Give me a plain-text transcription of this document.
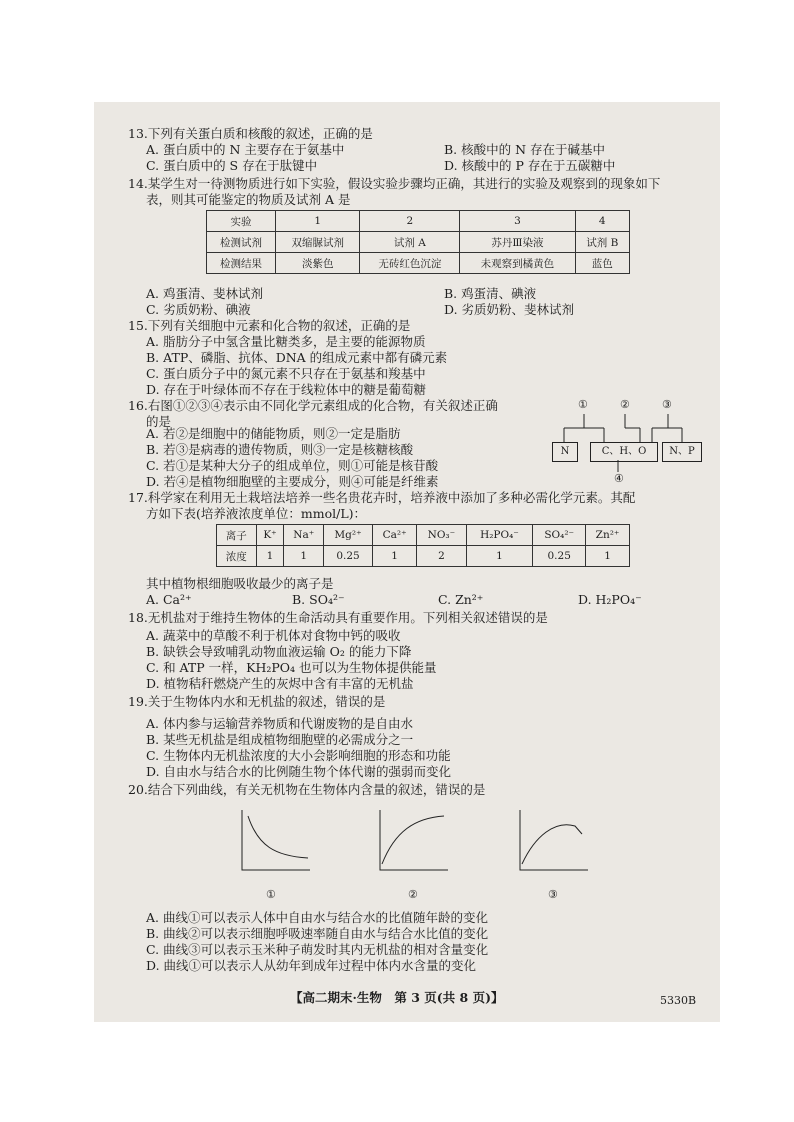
13.下列有关蛋白质和核酸的叙述，正确的是
A. 蛋白质中的 N 主要存在于氨基中	B. 核酸中的 N 存在于碱基中
C. 蛋白质中的 S 存在于肽键中	D. 核酸中的 P 存在于五碳糖中
14.某学生对一待测物质进行如下实验，假设实验步骤均正确，其进行的实验及观察到的现象如下
表，则其可能鉴定的物质及试剂 A 是
实验	1	2	3	4
检测试剂	双缩脲试剂	试剂 A	苏丹Ⅲ染液	试剂 B
检测结果	淡紫色	无砖红色沉淀	未观察到橘黄色	蓝色
A. 鸡蛋清、斐林试剂	B. 鸡蛋清、碘液
C. 劣质奶粉、碘液	D. 劣质奶粉、斐林试剂
15.下列有关细胞中元素和化合物的叙述，正确的是
A. 脂肪分子中氢含量比糖类多，是主要的能源物质
B. ATP、磷脂、抗体、DNA 的组成元素中都有磷元素
C. 蛋白质分子中的氮元素不只存在于氨基和羧基中
D. 存在于叶绿体而不存在于线粒体中的糖是葡萄糖
16.右图①②③④表示由不同化学元素组成的化合物，有关叙述正确
的是
A. 若②是细胞中的储能物质，则②一定是脂肪
B. 若③是病毒的遗传物质，则③一定是核糖核酸
C. 若①是某种大分子的组成单位，则①可能是核苷酸
D. 若④是植物细胞壁的主要成分，则④可能是纤维素
N	C、H、O	N、P
①	②	③
④
17.科学家在利用无土栽培法培养一些名贵花卉时，培养液中添加了多种必需化学元素。其配
方如下表(培养液浓度单位：mmol/L)：
离子	K⁺	Na⁺	Mg²⁺	Ca²⁺	NO₃⁻	H₂PO₄⁻	SO₄²⁻	Zn²⁺
浓度	1	1	0.25	1	2	1	0.25	1
其中植物根细胞吸收最少的离子是
A. Ca²⁺	B. SO₄²⁻	C. Zn²⁺	D. H₂PO₄⁻
18.无机盐对于维持生物体的生命活动具有重要作用。下列相关叙述错误的是
A. 蔬菜中的草酸不利于机体对食物中钙的吸收
B. 缺铁会导致哺乳动物血液运输 O₂ 的能力下降
C. 和 ATP 一样，KH₂PO₄ 也可以为生物体提供能量
D. 植物秸秆燃烧产生的灰烬中含有丰富的无机盐
19.关于生物体内水和无机盐的叙述，错误的是
A. 体内参与运输营养物质和代谢废物的是自由水
B. 某些无机盐是组成植物细胞壁的必需成分之一
C. 生物体内无机盐浓度的大小会影响细胞的形态和功能
D. 自由水与结合水的比例随生物个体代谢的强弱而变化
20.结合下列曲线，有关无机物在生物体内含量的叙述，错误的是
①	②	③
A. 曲线①可以表示人体中自由水与结合水的比值随年龄的变化
B. 曲线②可以表示细胞呼吸速率随自由水与结合水比值的变化
C. 曲线③可以表示玉米种子萌发时其内无机盐的相对含量变化
D. 曲线①可以表示人从幼年到成年过程中体内水含量的变化
【高二期末·生物　第 3 页(共 8 页)】	5330B
